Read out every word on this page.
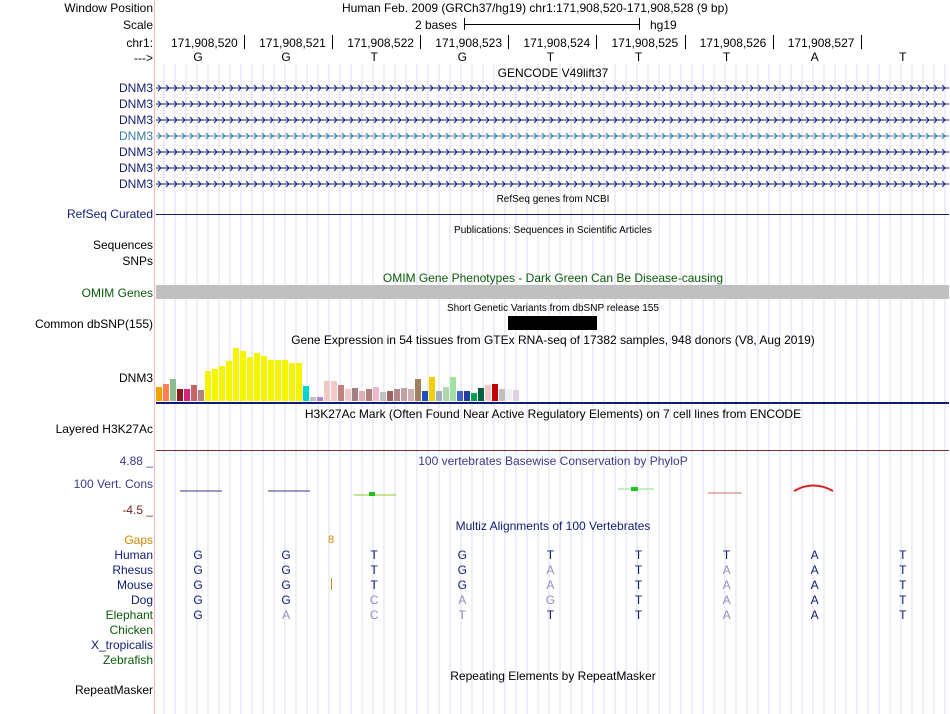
Window Position	Human Feb. 2009 (GRCh37/hg19) chr1:171,908,520-171,908,528 (9 bp)
Scale	2 bases	hg19
chr1:
--->
171,908,520 171,908,521 171,908,522 171,908,523 171,908,524 171,908,525 171,908,526 171,908,527
G	G	T	G	T	T	T	A	T
GENCODE V49lift37
DNM3
DNM3
DNM3
DNM3
DNM3
DNM3
DNM3
RefSeq genes from NCBI
RefSeq Curated
Publications: Sequences in Scientific Articles
Sequences
SNPs
OMIM Gene Phenotypes - Dark Green Can Be Disease-causing
OMIM Genes
Short Genetic Variants from dbSNP release 155
Common dbSNP(155)
Gene Expression in 54 tissues from GTEx RNA-seq of 17382 samples, 948 donors (V8, Aug 2019)
DNM3
H3K27Ac Mark (Often Found Near Active Regulatory Elements) on 7 cell lines from ENCODE
Layered H3K27Ac
100 vertebrates Basewise Conservation by PhyloP
4.88 _
100 Vert. Cons
-4.5 _
Multiz Alignments of 100 Vertebrates
Gaps	8
Human	G	G	T	G	T	T	T	A	T
Rhesus	G	G	T	G	A	T	A	A	T
Mouse	G	G	T	G	A	T	A	A	T
Dog	G	G	C	A	G	T	A	A	T
Elephant	G	A	C	T	T	T	A	A	T
Chicken
X_tropicalis
Zebrafish
Repeating Elements by RepeatMasker
RepeatMasker
